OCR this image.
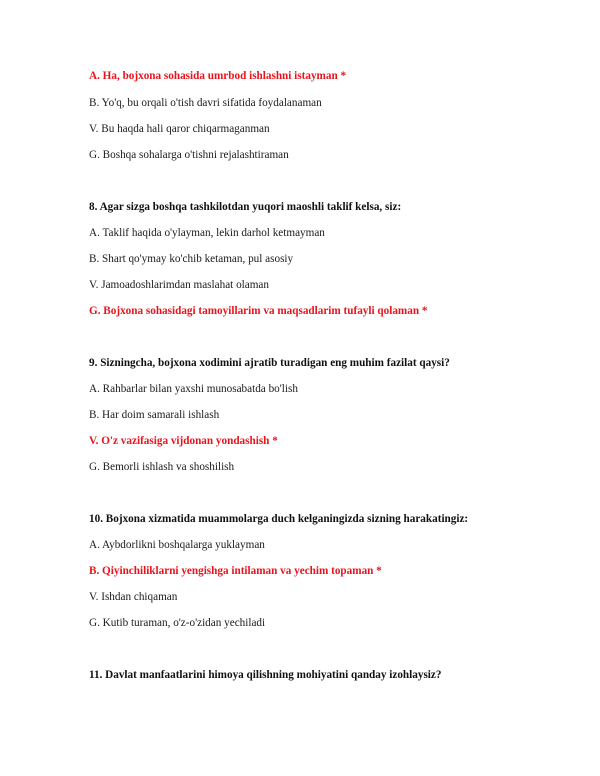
A. Ha, bojxona sohasida umrbod ishlashni istayman *
B. Yo'q, bu orqali o'tish davri sifatida foydalanaman
V. Bu haqda hali qaror chiqarmaganman
G. Boshqa sohalarga o'tishni rejalashtiraman
8. Agar sizga boshqa tashkilotdan yuqori maoshli taklif kelsa, siz:
A. Taklif haqida o'ylayman, lekin darhol ketmayman
B. Shart qo'ymay ko'chib ketaman, pul asosiy
V. Jamoadoshlarimdan maslahat olaman
G. Bojxona sohasidagi tamoyillarim va maqsadlarim tufayli qolaman *
9. Sizningcha, bojxona xodimini ajratib turadigan eng muhim fazilat qaysi?
A. Rahbarlar bilan yaxshi munosabatda bo'lish
B. Har doim samarali ishlash
V. O'z vazifasiga vijdonan yondashish *
G. Bemorli ishlash va shoshilish
10. Bojxona xizmatida muammolarga duch kelganingizda sizning harakatingiz:
A. Aybdorlikni boshqalarga yuklayman
B. Qiyinchiliklarni yengishga intilaman va yechim topaman *
V. Ishdan chiqaman
G. Kutib turaman, o'z-o'zidan yechiladi
11. Davlat manfaatlarini himoya qilishning mohiyatini qanday izohlaysiz?
